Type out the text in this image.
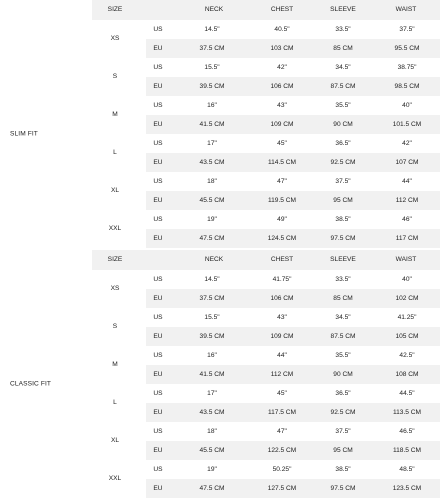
SIZE	NECK	CHEST	SLEEVE	WAIST
SLIM FIT
XS
US	14.5"	40.5"	33.5"	37.5"
EU	37.5 CM	103 CM	85 CM	95.5 CM
S
US	15.5"	42"	34.5"	38.75"
EU	39.5 CM	106 CM	87.5 CM	98.5 CM
M
US	16"	43"	35.5"	40"
EU	41.5 CM	109 CM	90 CM	101.5 CM
L
US	17"	45"	36.5"	42"
EU	43.5 CM	114.5 CM	92.5 CM	107 CM
XL
US	18"	47"	37.5"	44"
EU	45.5 CM	119.5 CM	95 CM	112 CM
XXL
US	19"	49"	38.5"	46"
EU	47.5 CM	124.5 CM	97.5 CM	117 CM
SIZE	NECK	CHEST	SLEEVE	WAIST
CLASSIC FIT
XS
US	14.5"	41.75"	33.5"	40"
EU	37.5 CM	106 CM	85 CM	102 CM
S
US	15.5"	43"	34.5"	41.25"
EU	39.5 CM	109 CM	87.5 CM	105 CM
M
US	16"	44"	35.5"	42.5"
EU	41.5 CM	112 CM	90 CM	108 CM
L
US	17"	45"	36.5"	44.5"
EU	43.5 CM	117.5 CM	92.5 CM	113.5 CM
XL
US	18"	47"	37.5"	46.5"
EU	45.5 CM	122.5 CM	95 CM	118.5 CM
XXL
US	19"	50.25"	38.5"	48.5"
EU	47.5 CM	127.5 CM	97.5 CM	123.5 CM
